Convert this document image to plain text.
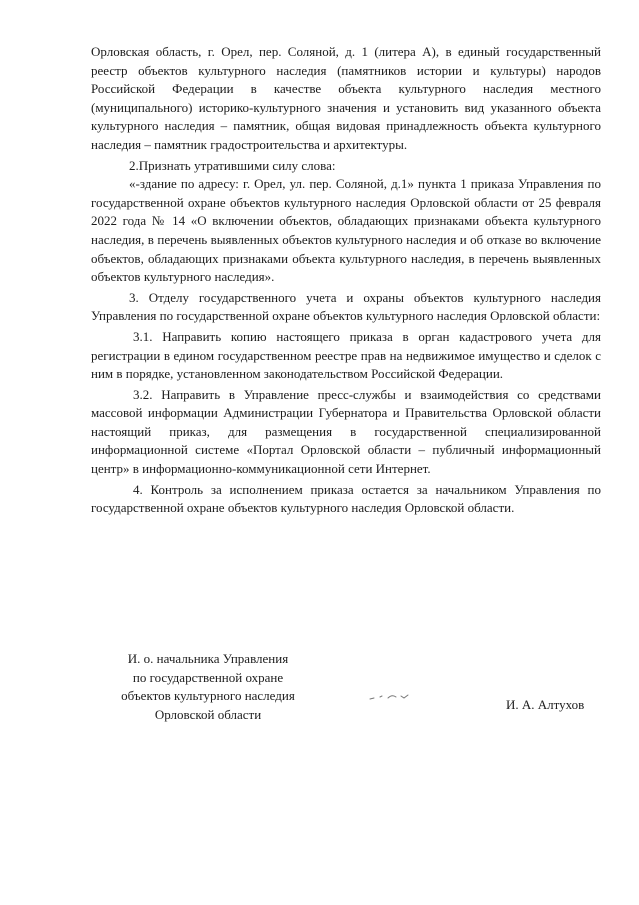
Орловская область, г. Орел, пер. Соляной, д. 1 (литера А), в единый государственный реестр объектов культурного наследия (памятников истории и культуры) народов Российской Федерации в качестве объекта культурного наследия местного (муниципального) историко-культурного значения и установить вид указанного объекта культурного наследия – памятник, общая видовая принадлежность объекта культурного наследия – памятник градостроительства и архитектуры.

2.Признать утратившими силу слова:

«-здание по адресу: г. Орел, ул. пер. Соляной, д.1» пункта 1 приказа Управления по государственной охране объектов культурного наследия Орловской области от 25 февраля 2022 года № 14 «О включении объектов, обладающих признаками объекта культурного наследия, в перечень выявленных объектов культурного наследия и об отказе во включение объектов, обладающих признаками объекта культурного наследия, в перечень выявленных объектов культурного наследия».

3. Отделу государственного учета и охраны объектов культурного наследия Управления по государственной охране объектов культурного наследия Орловской области:

3.1. Направить копию настоящего приказа в орган кадастрового учета для регистрации в едином государственном реестре прав на недвижимое имущество и сделок с ним в порядке, установленном законодательством Российской Федерации.

3.2. Направить в Управление пресс-службы и взаимодействия со средствами массовой информации Администрации Губернатора и Правительства Орловской области настоящий приказ, для размещения в государственной специализированной информационной системе «Портал Орловской области – публичный информационный центр» в информационно-коммуникационной сети Интернет.

4. Контроль за исполнением приказа остается за начальником Управления по государственной охране объектов культурного наследия Орловской области.

И. о. начальника Управления
по государственной охране
объектов культурного наследия
Орловской области
И. А. Алтухов
